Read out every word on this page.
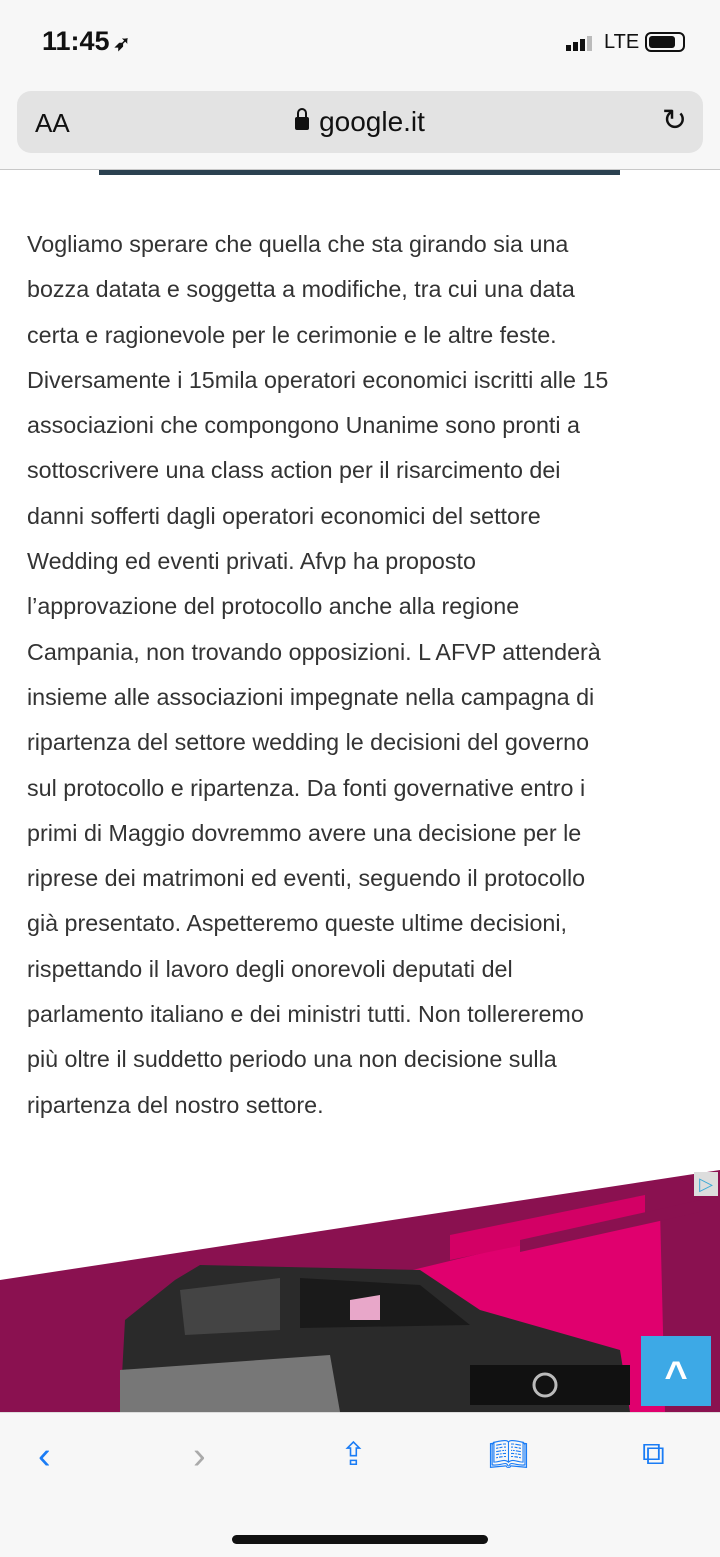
11:45 ➶	LTE
AA	google.it	↻
Vogliamo sperare che quella che sta girando sia una
bozza datata e soggetta a modifiche, tra cui una data
certa e ragionevole per le cerimonie e le altre feste.
Diversamente i 15mila operatori economici iscritti alle 15
associazioni che compongono Unanime sono pronti a
sottoscrivere una class action per il risarcimento dei
danni sofferti dagli operatori economici del settore
Wedding ed eventi privati. Afvp ha proposto
l’approvazione del protocollo anche alla regione
Campania, non trovando opposizioni. L AFVP attenderà
insieme alle associazioni impegnate nella campagna di
ripartenza del settore wedding le decisioni del governo
sul protocollo e ripartenza. Da fonti governative entro i
primi di Maggio dovremmo avere una decisione per le
riprese dei matrimoni ed eventi, seguendo il protocollo
già presentato. Aspetteremo queste ultime decisioni,
rispettando il lavoro degli onorevoli deputati del
parlamento italiano e dei ministri tutti. Non tollereremo
più oltre il suddetto periodo una non decisione sulla
ripartenza del nostro settore.
▷
^
‹	›	⇪	📖︎	⧉
